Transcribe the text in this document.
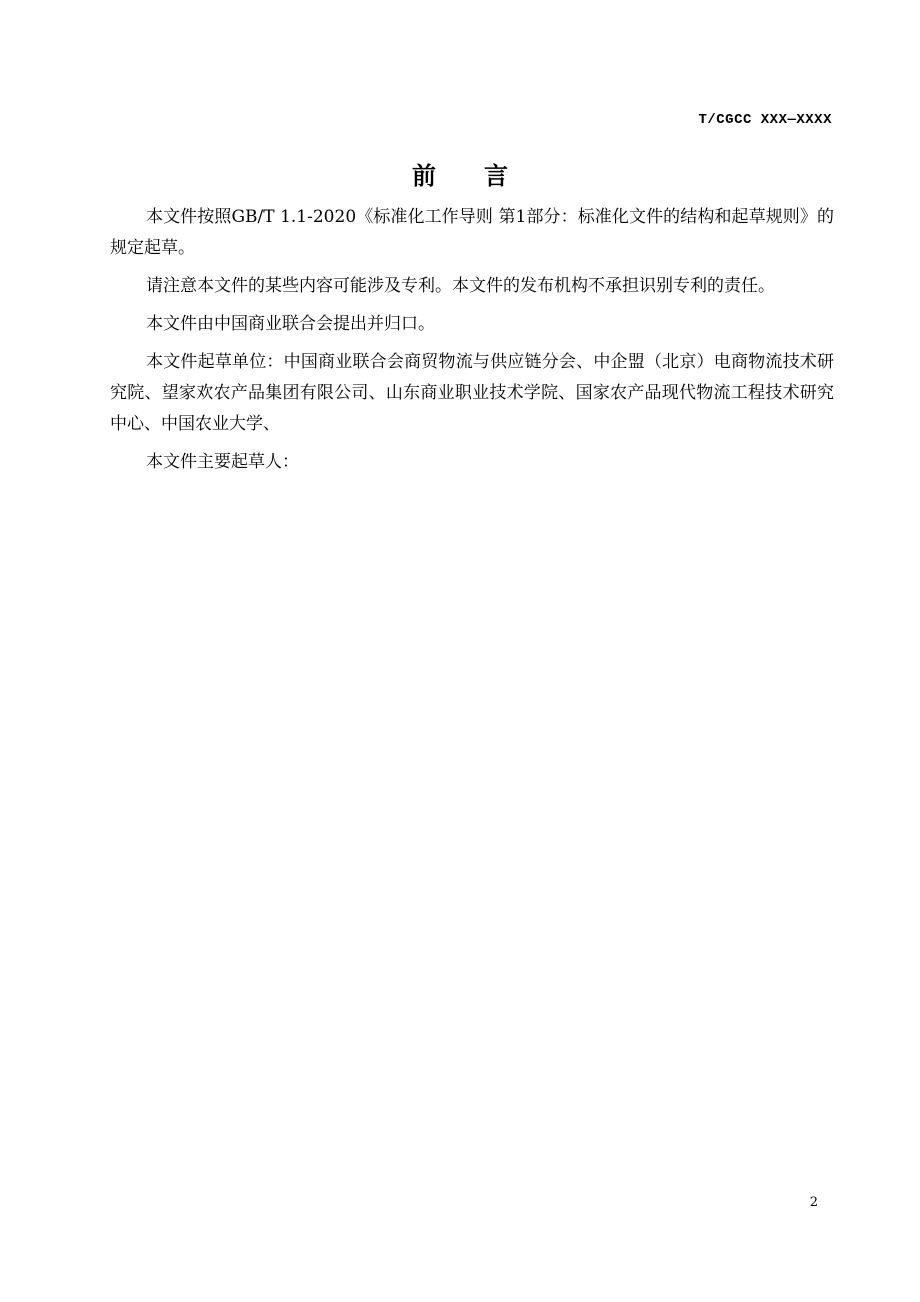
T/CGCC XXX—XXXX
前言

本文件按照GB/T 1.1-2020《标准化工作导则 第1部分：标准化文件的结构和起草规则》的规定起草。

请注意本文件的某些内容可能涉及专利。本文件的发布机构不承担识别专利的责任。

本文件由中国商业联合会提出并归口。

本文件起草单位：中国商业联合会商贸物流与供应链分会、中企盟（北京）电商物流技术研究院、望家欢农产品集团有限公司、山东商业职业技术学院、国家农产品现代物流工程技术研究中心、中国农业大学、

本文件主要起草人：

2
